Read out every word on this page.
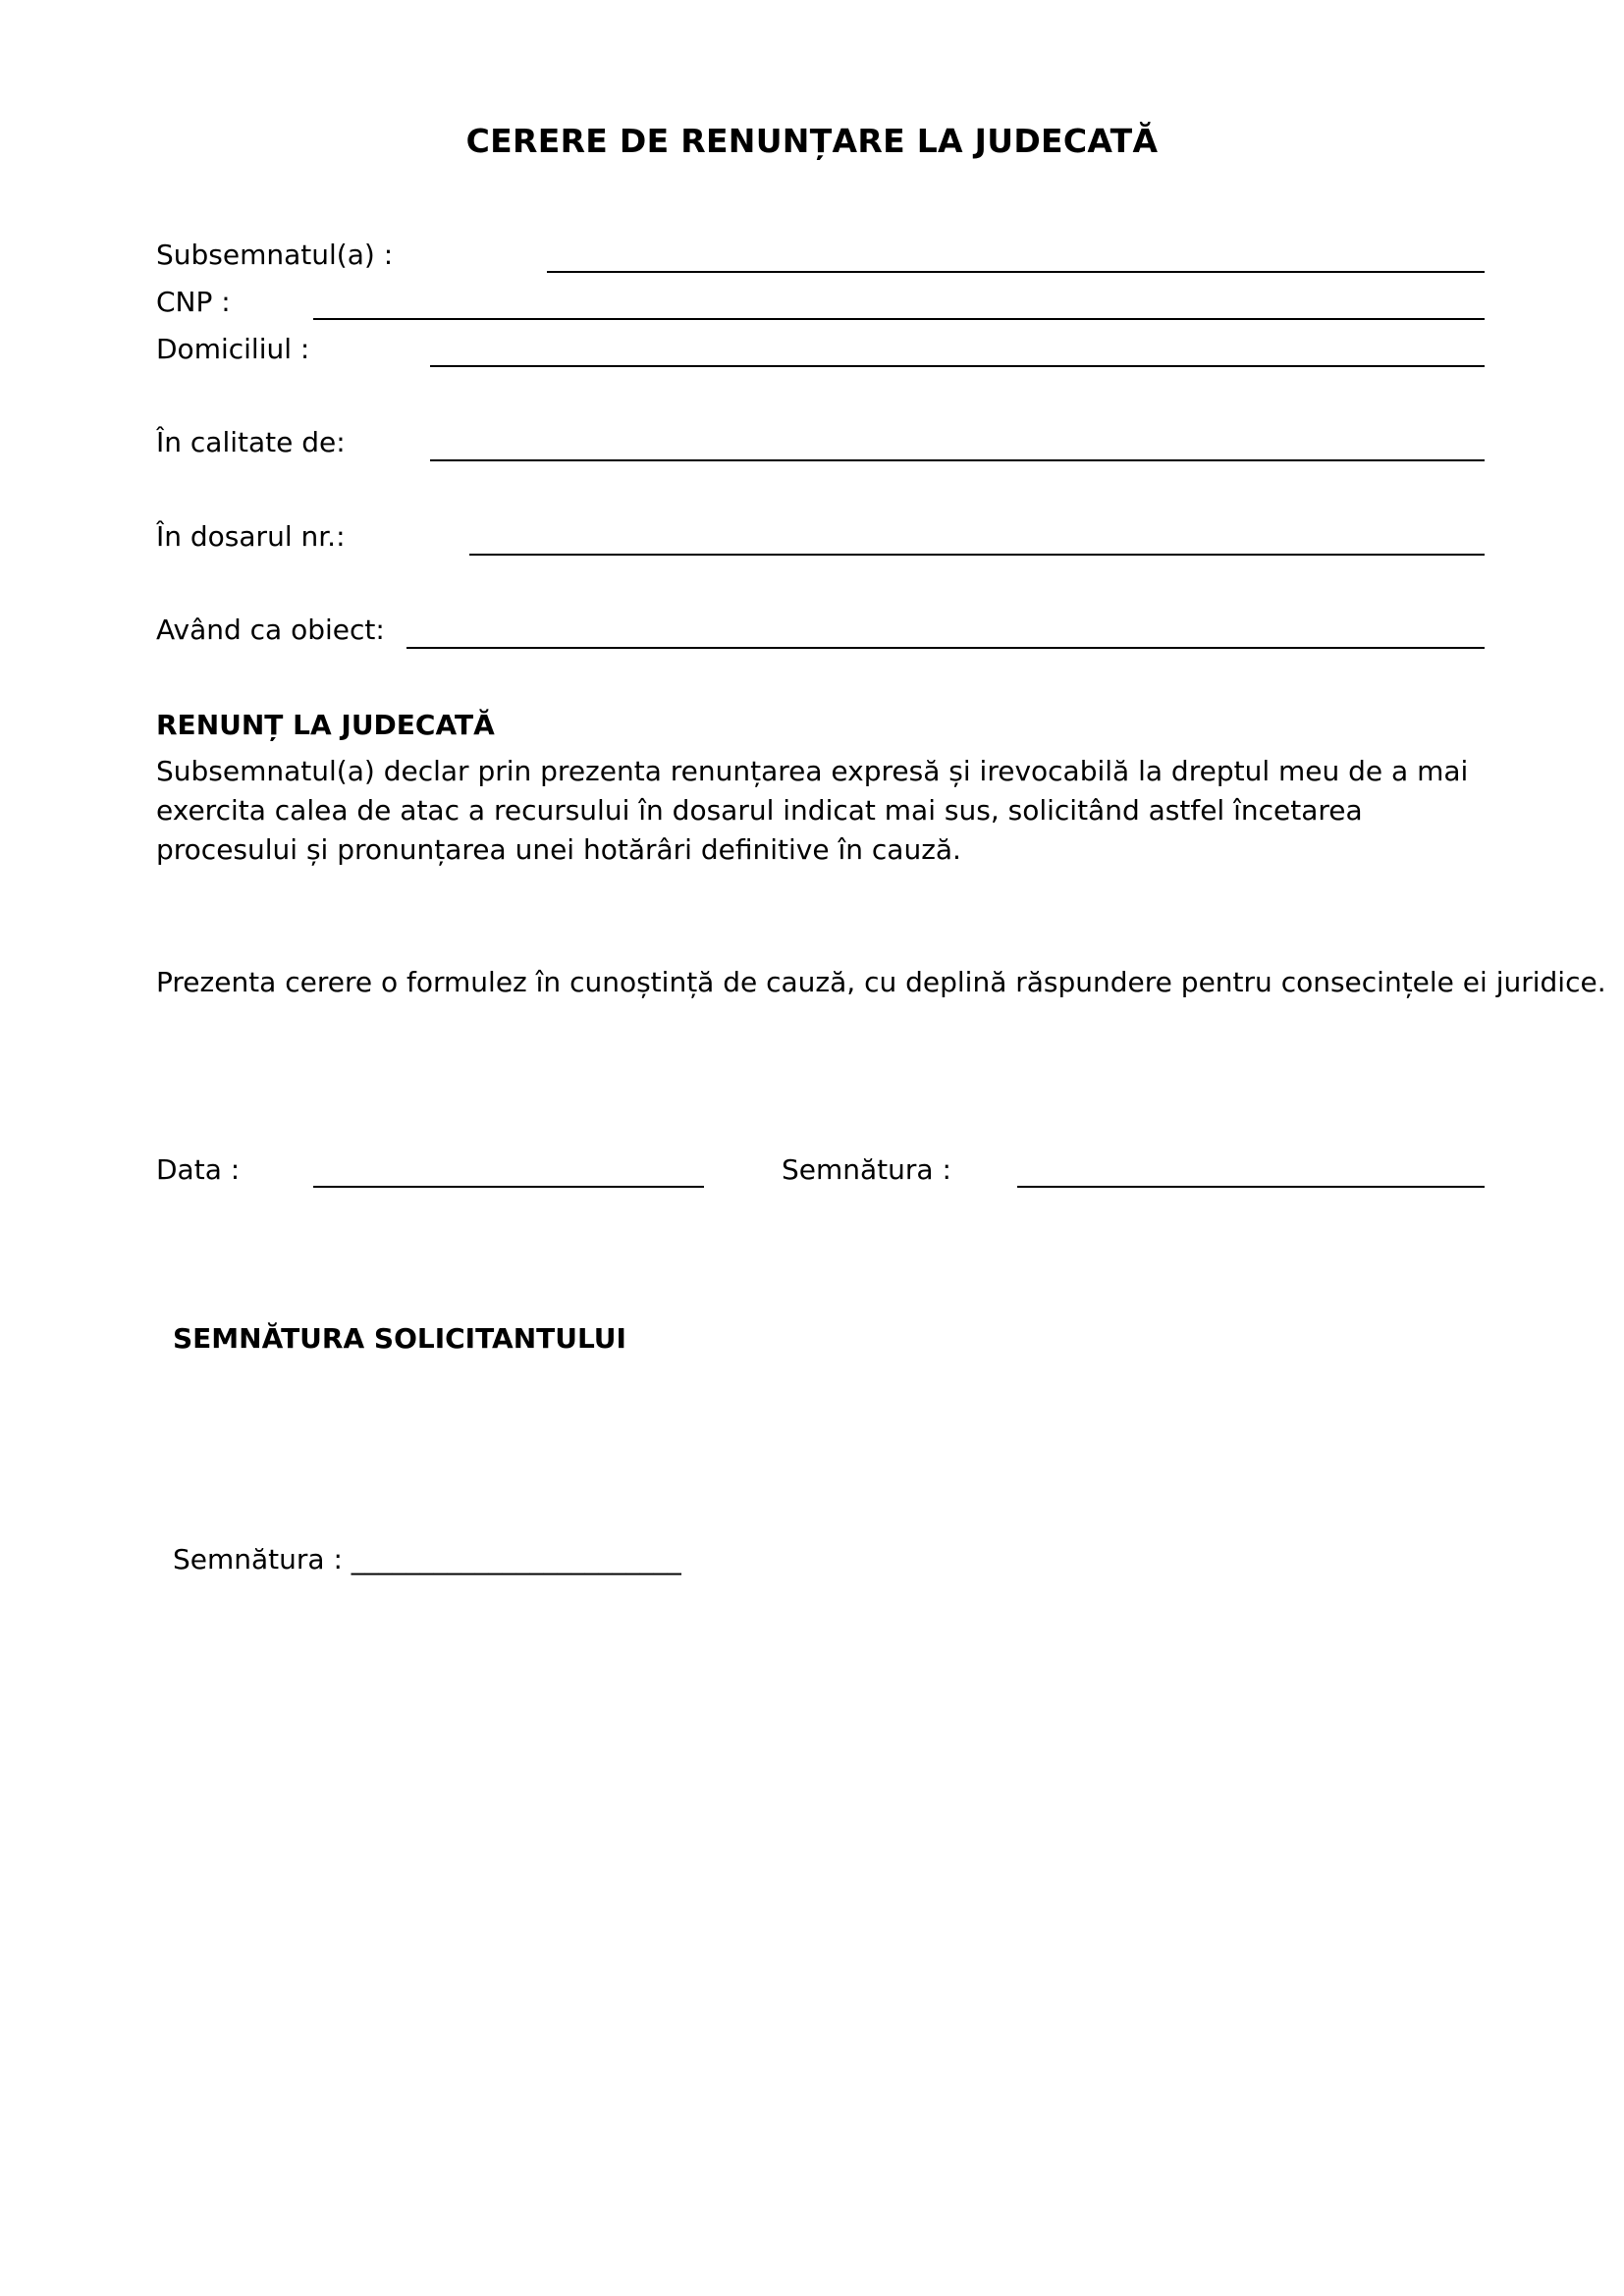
CERERE DE RENUNȚARE LA JUDECATĂ
Subsemnatul(a) :
CNP :
Domiciliul :
În calitate de:
În dosarul nr.:
Având ca obiect:
RENUNȚ LA JUDECATĂ
Subsemnatul(a) declar prin prezenta renunțarea expresă și irevocabilă la dreptul meu de a mai
exercita calea de atac a recursului în dosarul indicat mai sus, solicitând astfel încetarea
procesului și pronunțarea unei hotărâri definitive în cauză.
Prezenta cerere o formulez în cunoștință de cauză, cu deplină răspundere pentru consecințele ei juridice.
Data :	Semnătura :
SEMNĂTURA SOLICITANTULUI
Semnătura : ________________________
